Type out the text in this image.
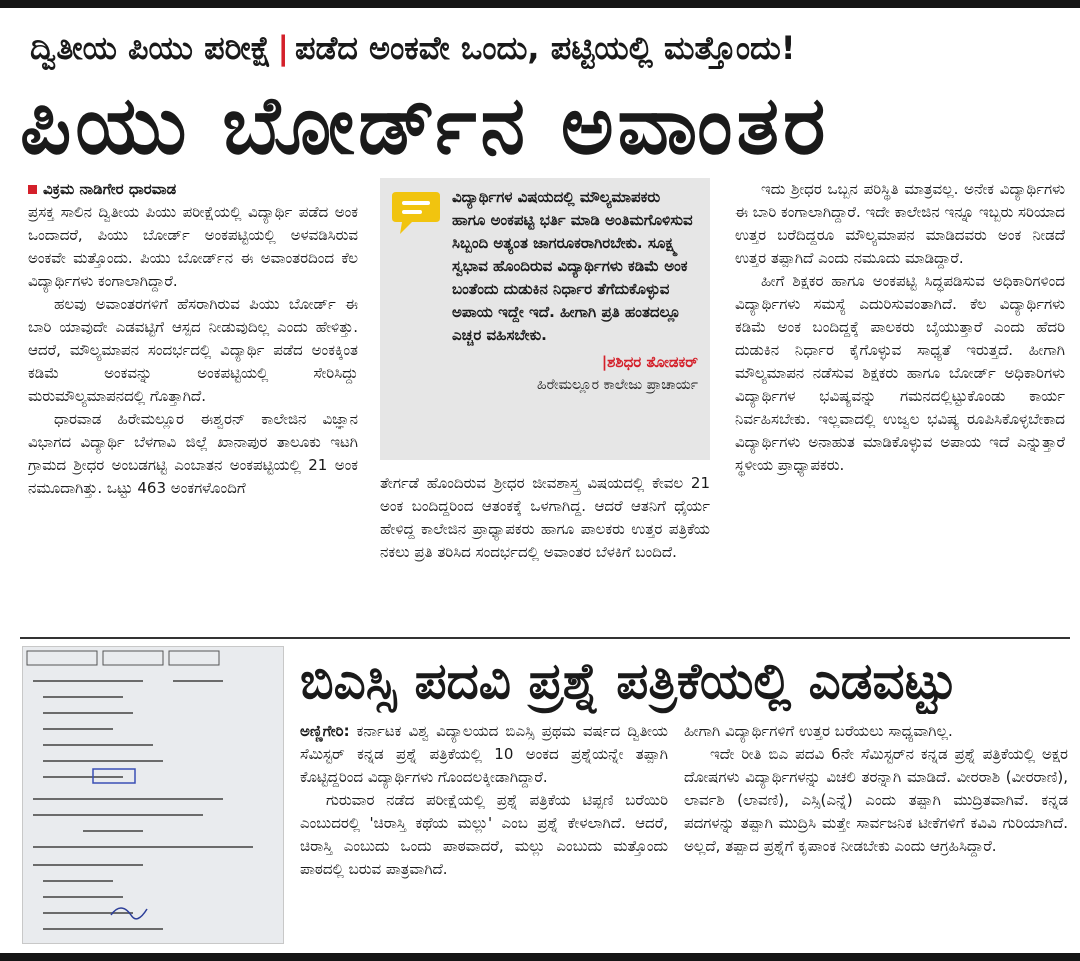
ದ್ವಿತೀಯ ಪಿಯು ಪರೀಕ್ಷೆ | ಪಡೆದ ಅಂಕವೇ ಒಂದು, ಪಟ್ಟಿಯಲ್ಲಿ ಮತ್ತೊಂದು!
ಪಿಯು ಬೋರ್ಡ್‌ನ ಅವಾಂತರ

ವಿಕ್ರಮ ನಾಡಿಗೇರ ಧಾರವಾಡ

ಪ್ರಸಕ್ತ ಸಾಲಿನ ದ್ವಿತೀಯ ಪಿಯು ಪರೀಕ್ಷೆಯಲ್ಲಿ ವಿದ್ಯಾರ್ಥಿ ಪಡೆದ ಅಂಕ ಒಂದಾದರೆ, ಪಿಯು ಬೋರ್ಡ್ ಅಂಕಪಟ್ಟಿಯಲ್ಲಿ ಅಳವಡಿಸಿರುವ ಅಂಕವೇ ಮತ್ತೊಂದು. ಪಿಯು ಬೋರ್ಡ್‌ನ ಈ ಅವಾಂತರದಿಂದ ಕೆಲ ವಿದ್ಯಾರ್ಥಿಗಳು ಕಂಗಾಲಾಗಿದ್ದಾರೆ.

ಹಲವು ಅವಾಂತರಗಳಿಗೆ ಹೆಸರಾಗಿರುವ ಪಿಯು ಬೋರ್ಡ್ ಈ ಬಾರಿ ಯಾವುದೇ ಎಡವಟ್ಟಿಗೆ ಆಸ್ಪದ ನೀಡುವುದಿಲ್ಲ ಎಂದು ಹೇಳಿತ್ತು. ಆದರೆ, ಮೌಲ್ಯಮಾಪನ ಸಂದರ್ಭದಲ್ಲಿ ವಿದ್ಯಾರ್ಥಿ ಪಡೆದ ಅಂಕಕ್ಕಿಂತ ಕಡಿಮೆ ಅಂಕವನ್ನು ಅಂಕಪಟ್ಟಿಯಲ್ಲಿ ಸೇರಿಸಿದ್ದು ಮರುಮೌಲ್ಯಮಾಪನದಲ್ಲಿ ಗೊತ್ತಾಗಿದೆ.

ಧಾರವಾಡ ಹಿರೇಮಲ್ಲೂರ ಈಶ್ವರನ್ ಕಾಲೇಜಿನ ವಿಜ್ಞಾನ ವಿಭಾಗದ ವಿದ್ಯಾರ್ಥಿ ಬೆಳಗಾವಿ ಜಿಲ್ಲೆ ಖಾನಾಪುರ ತಾಲೂಕು ಇಟಗಿ ಗ್ರಾಮದ ಶ್ರೀಧರ ಅಂಬಡಗಟ್ಟಿ ಎಂಬಾತನ ಅಂಕಪಟ್ಟಿಯಲ್ಲಿ 21 ಅಂಕ ನಮೂದಾಗಿತ್ತು. ಒಟ್ಟು 463 ಅಂಕಗಳೊಂದಿಗೆ

ವಿದ್ಯಾರ್ಥಿಗಳ ವಿಷಯದಲ್ಲಿ ಮೌಲ್ಯಮಾಪಕರು ಹಾಗೂ ಅಂಕಪಟ್ಟಿ ಭರ್ತಿ ಮಾಡಿ ಅಂತಿಮಗೊಳಿಸುವ ಸಿಬ್ಬಂದಿ ಅತ್ಯಂತ ಜಾಗರೂಕರಾಗಿರಬೇಕು. ಸೂಕ್ಷ್ಮ ಸ್ವಭಾವ ಹೊಂದಿರುವ ವಿದ್ಯಾರ್ಥಿಗಳು ಕಡಿಮೆ ಅಂಕ ಬಂತೆಂದು ದುಡುಕಿನ ನಿರ್ಧಾರ ತೆಗೆದುಕೊಳ್ಳುವ ಅಪಾಯ ಇದ್ದೇ ಇದೆ. ಹೀಗಾಗಿ ಪ್ರತಿ ಹಂತದಲ್ಲೂ ಎಚ್ಚರ ವಹಿಸಬೇಕು.
|ಶಶಿಧರ ತೋಡಕರ್
ಹಿರೇಮಲ್ಲೂರ ಕಾಲೇಜು ಪ್ರಾಚಾರ್ಯ

ತೇರ್ಗಡೆ ಹೊಂದಿರುವ ಶ್ರೀಧರ ಜೀವಶಾಸ್ತ್ರ ವಿಷಯದಲ್ಲಿ ಕೇವಲ 21 ಅಂಕ ಬಂದಿದ್ದರಿಂದ ಆತಂಕಕ್ಕೆ ಒಳಗಾಗಿದ್ದ. ಆದರೆ ಆತನಿಗೆ ಧೈರ್ಯ ಹೇಳಿದ್ದ ಕಾಲೇಜಿನ ಪ್ರಾಧ್ಯಾಪಕರು ಹಾಗೂ ಪಾಲಕರು ಉತ್ತರ ಪತ್ರಿಕೆಯ ನಕಲು ಪ್ರತಿ ತರಿಸಿದ ಸಂದರ್ಭದಲ್ಲಿ ಅವಾಂತರ ಬೆಳಕಿಗೆ ಬಂದಿದೆ.

ಇದು ಶ್ರೀಧರ ಒಬ್ಬನ ಪರಿಸ್ಥಿತಿ ಮಾತ್ರವಲ್ಲ. ಅನೇಕ ವಿದ್ಯಾರ್ಥಿಗಳು ಈ ಬಾರಿ ಕಂಗಾಲಾಗಿದ್ದಾರೆ. ಇದೇ ಕಾಲೇಜಿನ ಇನ್ನೂ ಇಬ್ಬರು ಸರಿಯಾದ ಉತ್ತರ ಬರೆದಿದ್ದರೂ ಮೌಲ್ಯಮಾಪನ ಮಾಡಿದವರು ಅಂಕ ನೀಡದೆ ಉತ್ತರ ತಪ್ಪಾಗಿದೆ ಎಂದು ನಮೂದು ಮಾಡಿದ್ದಾರೆ.

ಹೀಗೆ ಶಿಕ್ಷಕರ ಹಾಗೂ ಅಂಕಪಟ್ಟಿ ಸಿದ್ಧಪಡಿಸುವ ಅಧಿಕಾರಿಗಳಿಂದ ವಿದ್ಯಾರ್ಥಿಗಳು ಸಮಸ್ಯೆ ಎದುರಿಸುವಂತಾಗಿದೆ. ಕೆಲ ವಿದ್ಯಾರ್ಥಿಗಳು ಕಡಿಮೆ ಅಂಕ ಬಂದಿದ್ದಕ್ಕೆ ಪಾಲಕರು ಬೈಯುತ್ತಾರೆ ಎಂದು ಹೆದರಿ ದುಡುಕಿನ ನಿರ್ಧಾರ ಕೈಗೊಳ್ಳುವ ಸಾಧ್ಯತೆ ಇರುತ್ತದೆ. ಹೀಗಾಗಿ ಮೌಲ್ಯಮಾಪನ ನಡೆಸುವ ಶಿಕ್ಷಕರು ಹಾಗೂ ಬೋರ್ಡ್ ಅಧಿಕಾರಿಗಳು ವಿದ್ಯಾರ್ಥಿಗಳ ಭವಿಷ್ಯವನ್ನು ಗಮನದಲ್ಲಿಟ್ಟುಕೊಂಡು ಕಾರ್ಯ ನಿರ್ವಹಿಸಬೇಕು. ಇಲ್ಲವಾದಲ್ಲಿ ಉಜ್ವಲ ಭವಿಷ್ಯ ರೂಪಿಸಿಕೊಳ್ಳಬೇಕಾದ ವಿದ್ಯಾರ್ಥಿಗಳು ಅನಾಹುತ ಮಾಡಿಕೊಳ್ಳುವ ಅಪಾಯ ಇದೆ ಎನ್ನುತ್ತಾರೆ ಸ್ಥಳೀಯ ಪ್ರಾಧ್ಯಾಪಕರು.

ಬಿಎಸ್ಸಿ ಪದವಿ ಪ್ರಶ್ನೆ ಪತ್ರಿಕೆಯಲ್ಲಿ ಎಡವಟ್ಟು

ಅಣ್ಣಿಗೇರಿ: ಕರ್ನಾಟಕ ವಿಶ್ವ ವಿದ್ಯಾಲಯದ ಬಿಎಸ್ಸಿ ಪ್ರಥಮ ವರ್ಷದ ದ್ವಿತೀಯ ಸೆಮಿಸ್ಟರ್ ಕನ್ನಡ ಪ್ರಶ್ನೆ ಪತ್ರಿಕೆಯಲ್ಲಿ 10 ಅಂಕದ ಪ್ರಶ್ನೆಯನ್ನೇ ತಪ್ಪಾಗಿ ಕೊಟ್ಟಿದ್ದರಿಂದ ವಿದ್ಯಾರ್ಥಿಗಳು ಗೊಂದಲಕ್ಕೀಡಾಗಿದ್ದಾರೆ.

ಗುರುವಾರ ನಡೆದ ಪರೀಕ್ಷೆಯಲ್ಲಿ ಪ್ರಶ್ನೆ ಪತ್ರಿಕೆಯ ಟಿಪ್ಪಣಿ ಬರೆಯಿರಿ ಎಂಬುದರಲ್ಲಿ 'ಚಿರಾಸ್ತಿ ಕಥೆಯ ಮಲ್ಲು' ಎಂಬ ಪ್ರಶ್ನೆ ಕೇಳಲಾಗಿದೆ. ಆದರೆ, ಚಿರಾಸ್ತಿ ಎಂಬುದು ಒಂದು ಪಾಠವಾದರೆ, ಮಲ್ಲು ಎಂಬುದು ಮತ್ತೊಂದು ಪಾಠದಲ್ಲಿ ಬರುವ ಪಾತ್ರವಾಗಿದೆ.

ಹೀಗಾಗಿ ವಿದ್ಯಾರ್ಥಿಗಳಿಗೆ ಉತ್ತರ ಬರೆಯಲು ಸಾಧ್ಯವಾಗಿಲ್ಲ.

ಇದೇ ರೀತಿ ಬಿಎ ಪದವಿ 6ನೇ ಸೆಮಿಸ್ಟರ್‌ನ ಕನ್ನಡ ಪ್ರಶ್ನೆ ಪತ್ರಿಕೆಯಲ್ಲಿ ಅಕ್ಷರ ದೋಷಗಳು ವಿದ್ಯಾರ್ಥಿಗಳನ್ನು ವಿಚಲಿ ತರನ್ನಾಗಿ ಮಾಡಿದೆ. ವೀರರಾಶಿ (ವೀರರಾಣಿ), ಲಾರ್ವಶಿ (ಲಾವಣಿ), ಎಸ್ಸಿ(ಎನ್ನೆ) ಎಂದು ತಪ್ಪಾಗಿ ಮುದ್ರಿತವಾಗಿವೆ. ಕನ್ನಡ ಪದಗಳನ್ನು ತಪ್ಪಾಗಿ ಮುದ್ರಿಸಿ ಮತ್ತೇ ಸಾರ್ವಜನಿಕ ಟೀಕೆಗಳಿಗೆ ಕವಿವಿ ಗುರಿಯಾಗಿದೆ. ಅಲ್ಲದೆ, ತಪ್ಪಾದ ಪ್ರಶ್ನೆಗೆ ಕೃಪಾಂಕ ನೀಡಬೇಕು ಎಂದು ಆಗ್ರಹಿಸಿದ್ದಾರೆ.
